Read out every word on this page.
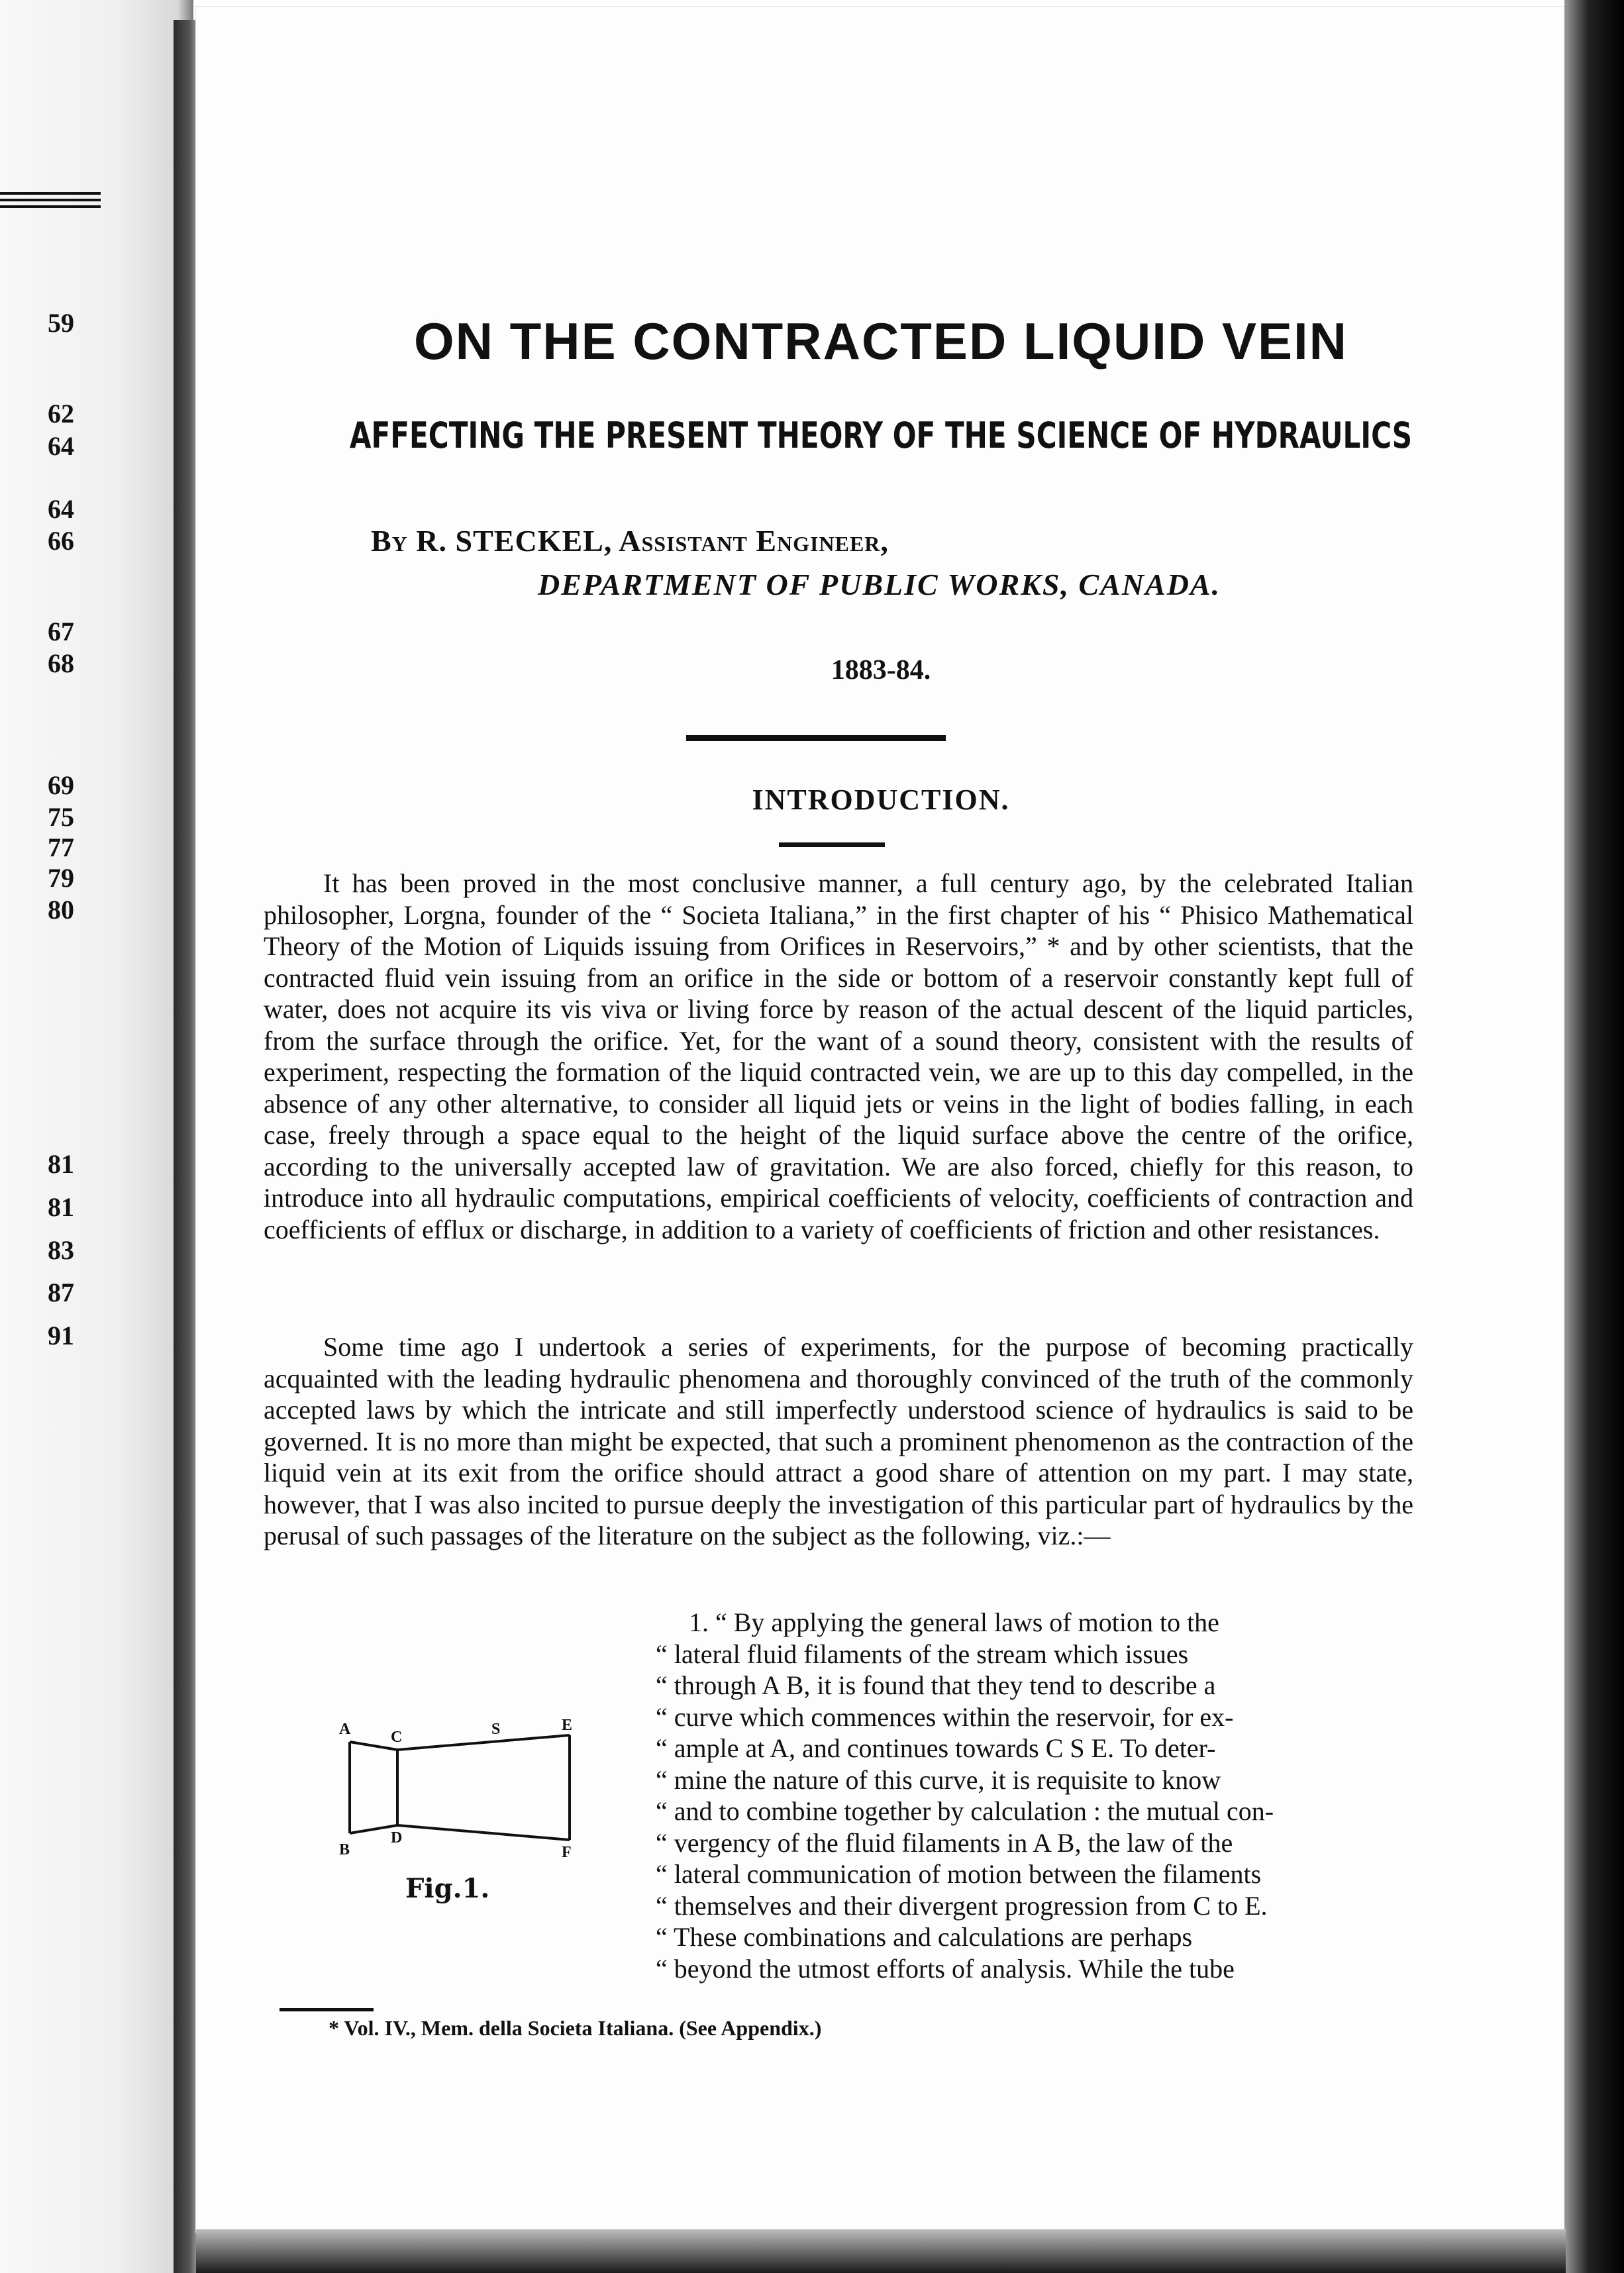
59
62
64
64
66
67
68
69
75
77
79
80
81
81
83
87
91
ON THE CONTRACTED LIQUID VEIN
AFFECTING THE PRESENT THEORY OF THE SCIENCE OF HYDRAULICS
By R. STECKEL, Assistant Engineer,
DEPARTMENT OF PUBLIC WORKS, CANADA.
1883-84.
INTRODUCTION.
It has been proved in the most conclusive manner, a full century ago, by the celebrated Italian philosopher, Lorgna, founder of the “ Societa Italiana,” in the first chapter of his “ Phisico Mathematical Theory of the Motion of Liquids issuing from Orifices in Reservoirs,” * and by other scientists, that the contracted fluid vein issuing from an orifice in the side or bottom of a reservoir constantly kept full of water, does not acquire its vis viva or living force by reason of the actual descent of the liquid particles, from the surface through the orifice. Yet, for the want of a sound theory, consistent with the results of experiment, respecting the formation of the liquid contracted vein, we are up to this day compelled, in the absence of any other alternative, to consider all liquid jets or veins in the light of bodies falling, in each case, freely through a space equal to the height of the liquid surface above the centre of the orifice, according to the universally accepted law of gravitation. We are also forced, chiefly for this reason, to introduce into all hydraulic computations, empirical coefficients of velocity, coefficients of contraction and coefficients of efflux or discharge, in addition to a variety of coefficients of friction and other resistances.
Some time ago I undertook a series of experiments, for the purpose of becoming practically acquainted with the leading hydraulic phenomena and thoroughly convinced of the truth of the commonly accepted laws by which the intricate and still imperfectly understood science of hydraulics is said to be governed. It is no more than might be expected, that such a prominent phenomenon as the contraction of the liquid vein at its exit from the orifice should attract a good share of attention on my part. I may state, however, that I was also incited to pursue deeply the investigation of this particular part of hydraulics by the perusal of such passages of the literature on the subject as the following, viz.:—
1. “ By applying the general laws of motion to the
“ lateral fluid filaments of the stream which issues
“ through A B, it is found that they tend to describe a
“ curve which commences within the reservoir, for ex-
“ ample at A, and continues towards C S E. To deter-
“ mine the nature of this curve, it is requisite to know
“ and to combine together by calculation : the mutual con-
“ vergency of the fluid filaments in A B, the law of the
“ lateral communication of motion between the filaments
“ themselves and their divergent progression from C to E.
“ These combinations and calculations are perhaps
“ beyond the utmost efforts of analysis. While the tube
A	C	S	E
B
D
F
Fig.1.
* Vol. IV., Mem. della Societa Italiana. (See Appendix.)
